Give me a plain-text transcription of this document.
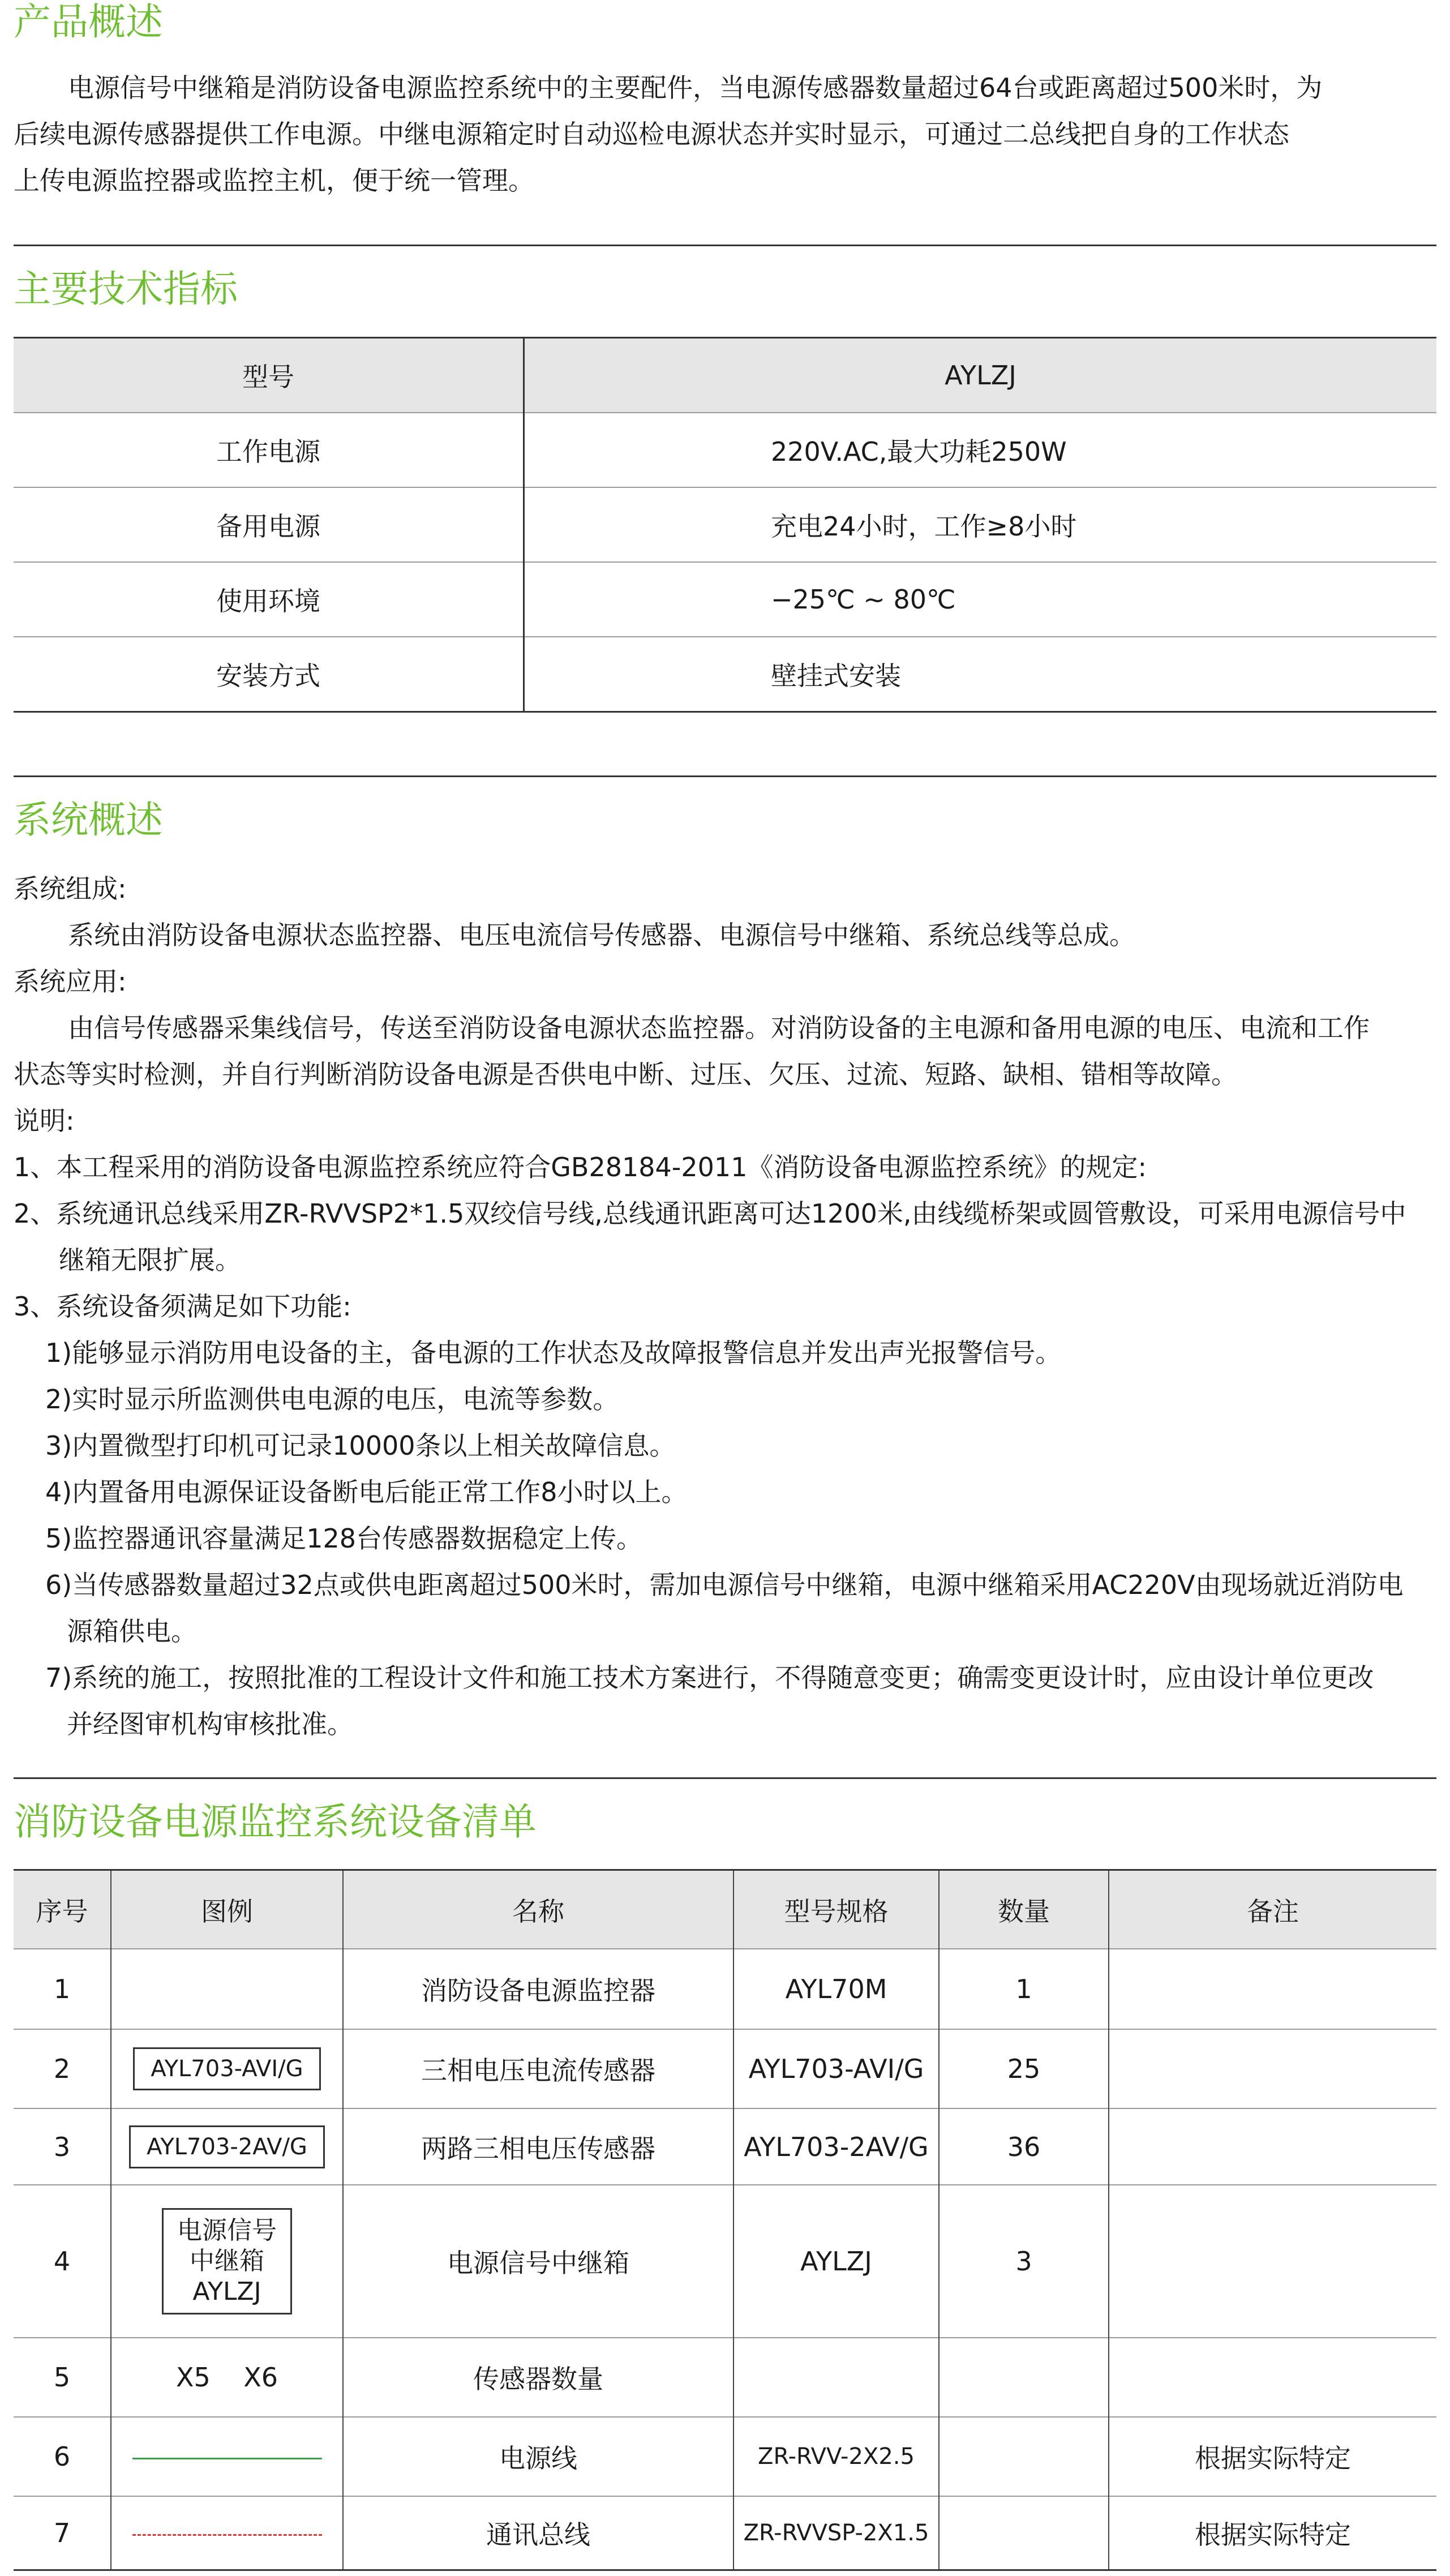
产品概述
电源信号中继箱是消防设备电源监控系统中的主要配件，当电源传感器数量超过64台或距离超过500米时，为
后续电源传感器提供工作电源。中继电源箱定时自动巡检电源状态并实时显示，可通过二总线把自身的工作状态
上传电源监控器或监控主机，便于统一管理。
主要技术指标
型号	AYLZJ
工作电源	220V.AC,最大功耗250W
备用电源	充电24小时，工作≥8小时
使用环境	−25℃ ~ 80℃
安装方式	壁挂式安装
系统概述
系统组成:
系统由消防设备电源状态监控器、电压电流信号传感器、电源信号中继箱、系统总线等总成。
系统应用:
由信号传感器采集线信号，传送至消防设备电源状态监控器。对消防设备的主电源和备用电源的电压、电流和工作
状态等实时检测，并自行判断消防设备电源是否供电中断、过压、欠压、过流、短路、缺相、错相等故障。
说明:
1、本工程采用的消防设备电源监控系统应符合GB28184-2011《消防设备电源监控系统》的规定:
2、系统通讯总线采用ZR-RVVSP2*1.5双绞信号线,总线通讯距离可达1200米,由线缆桥架或圆管敷设，可采用电源信号中
继箱无限扩展。
3、系统设备须满足如下功能:
1)能够显示消防用电设备的主，备电源的工作状态及故障报警信息并发出声光报警信号。
2)实时显示所监测供电电源的电压，电流等参数。
3)内置微型打印机可记录10000条以上相关故障信息。
4)内置备用电源保证设备断电后能正常工作8小时以上。
5)监控器通讯容量满足128台传感器数据稳定上传。
6)当传感器数量超过32点或供电距离超过500米时，需加电源信号中继箱，电源中继箱采用AC220V由现场就近消防电
源箱供电。
7)系统的施工，按照批准的工程设计文件和施工技术方案进行，不得随意变更；确需变更设计时，应由设计单位更改
并经图审机构审核批准。
消防设备电源监控系统设备清单
序号	图例	名称	型号规格	数量	备注
1		消防设备电源监控器	AYL70M	1	
2	AYL703-AVI/G	三相电压电流传感器	AYL703-AVI/G	25	
3	AYL703-2AV/G	两路三相电压传感器	AYL703-2AV/G	36	
4	电源信号
中继箱
AYLZJ	电源信号中继箱	AYLZJ	3	
5	X5 X6	传感器数量			
6		电源线	ZR-RVV-2X2.5		根据实际特定
7		通讯总线	ZR-RVVSP-2X1.5		根据实际特定
